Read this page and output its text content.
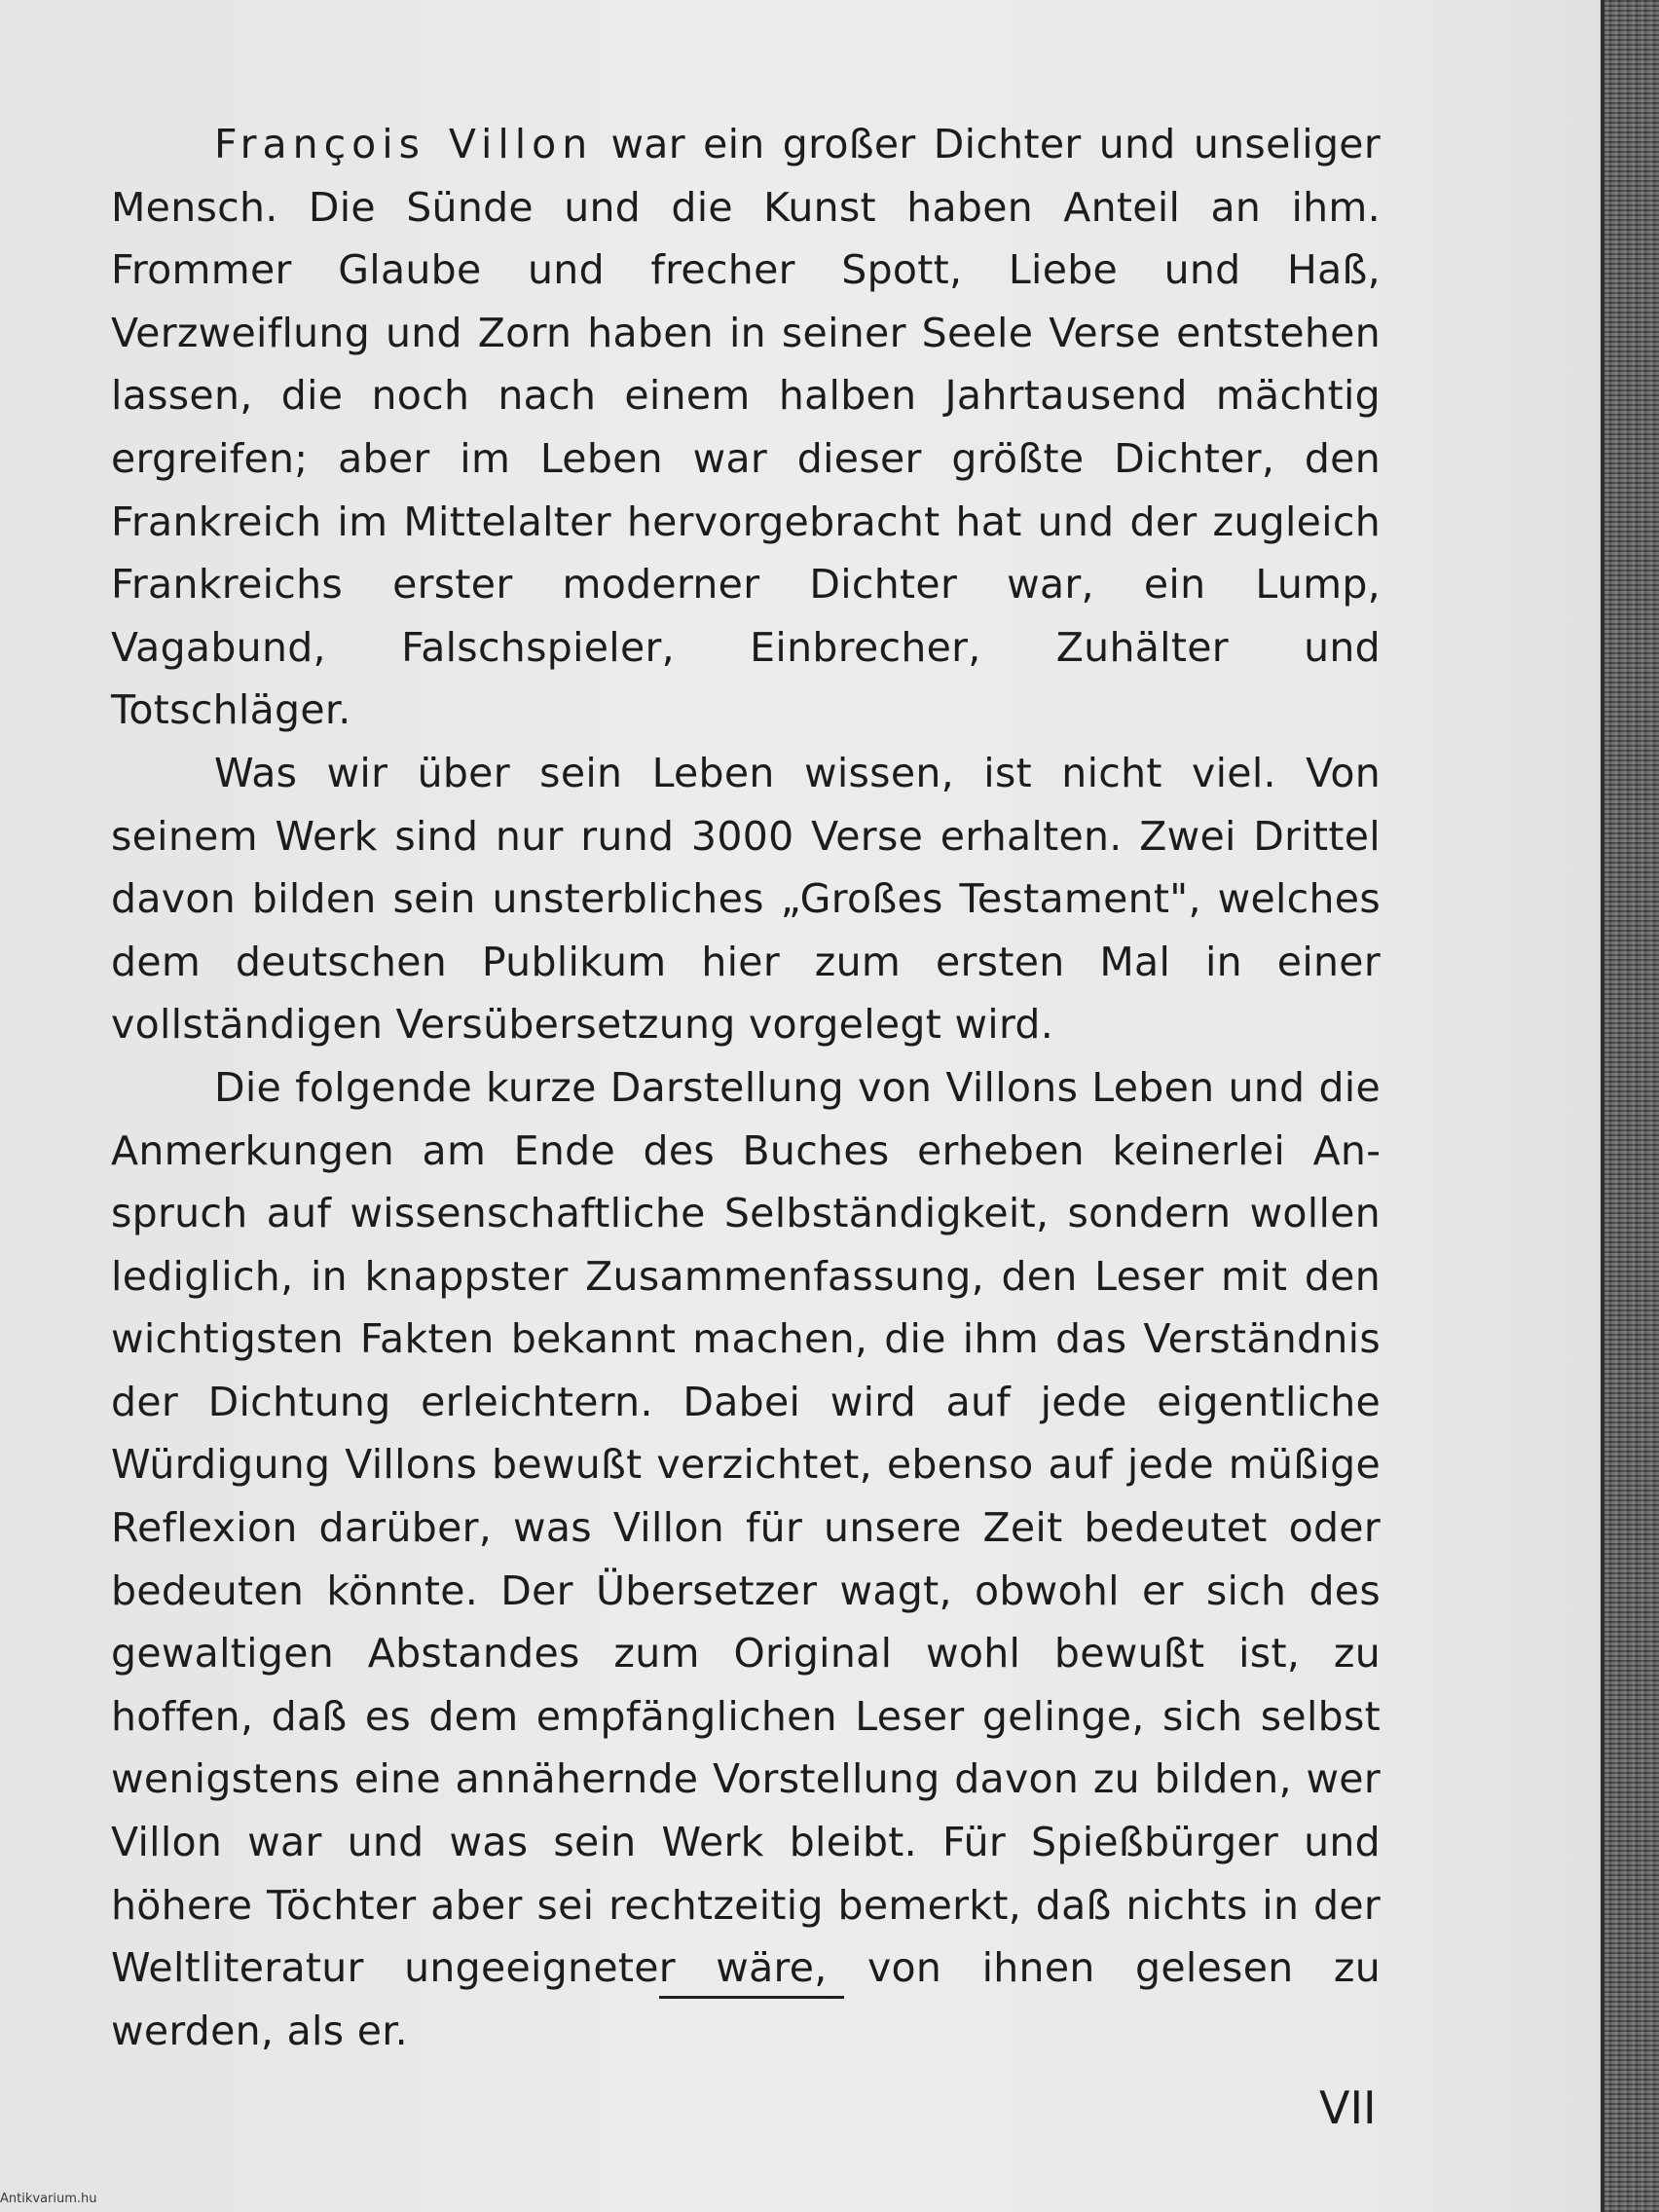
François Villon war ein großer Dichter und unseliger Mensch. Die Sünde und die Kunst haben Anteil an ihm. Frommer Glaube und frecher Spott, Liebe und Haß, Verzweiflung und Zorn haben in seiner Seele Verse entstehen lassen, die noch nach einem halben Jahrtausend mächtig ergreifen; aber im Leben war dieser größte Dichter, den Frankreich im Mittelalter hervorgebracht hat und der zugleich Frankreichs erster moderner Dichter war, ein Lump, Vagabund, Falschspieler, Einbrecher, Zuhälter und Totschläger.

Was wir über sein Leben wissen, ist nicht viel. Von seinem Werk sind nur rund 3000 Verse erhalten. Zwei Drittel davon bilden sein unsterbliches „Großes Testament", welches dem deutschen Publikum hier zum ersten Mal in einer vollständigen Versübersetzung vorgelegt wird.

Die folgende kurze Darstellung von Villons Leben und die Anmerkungen am Ende des Buches erheben keinerlei Anspruch auf wissenschaftliche Selbständigkeit, sondern wollen lediglich, in knappster Zusammenfassung, den Leser mit den wichtigsten Fakten bekannt machen, die ihm das Verständnis der Dichtung erleichtern. Dabei wird auf jede eigentliche Würdigung Villons bewußt verzichtet, ebenso auf jede müßige Reflexion darüber, was Villon für unsere Zeit bedeutet oder bedeuten könnte. Der Übersetzer wagt, obwohl er sich des gewaltigen Abstandes zum Original wohl bewußt ist, zu hoffen, daß es dem empfänglichen Leser gelinge, sich selbst wenigstens eine annähernde Vorstellung davon zu bilden, wer Villon war und was sein Werk bleibt. Für Spießbürger und höhere Töchter aber sei rechtzeitig bemerkt, daß nichts in der Weltliteratur ungeeigneter wäre, von ihnen gelesen zu werden, als er.

VII
Antikvarium.hu
